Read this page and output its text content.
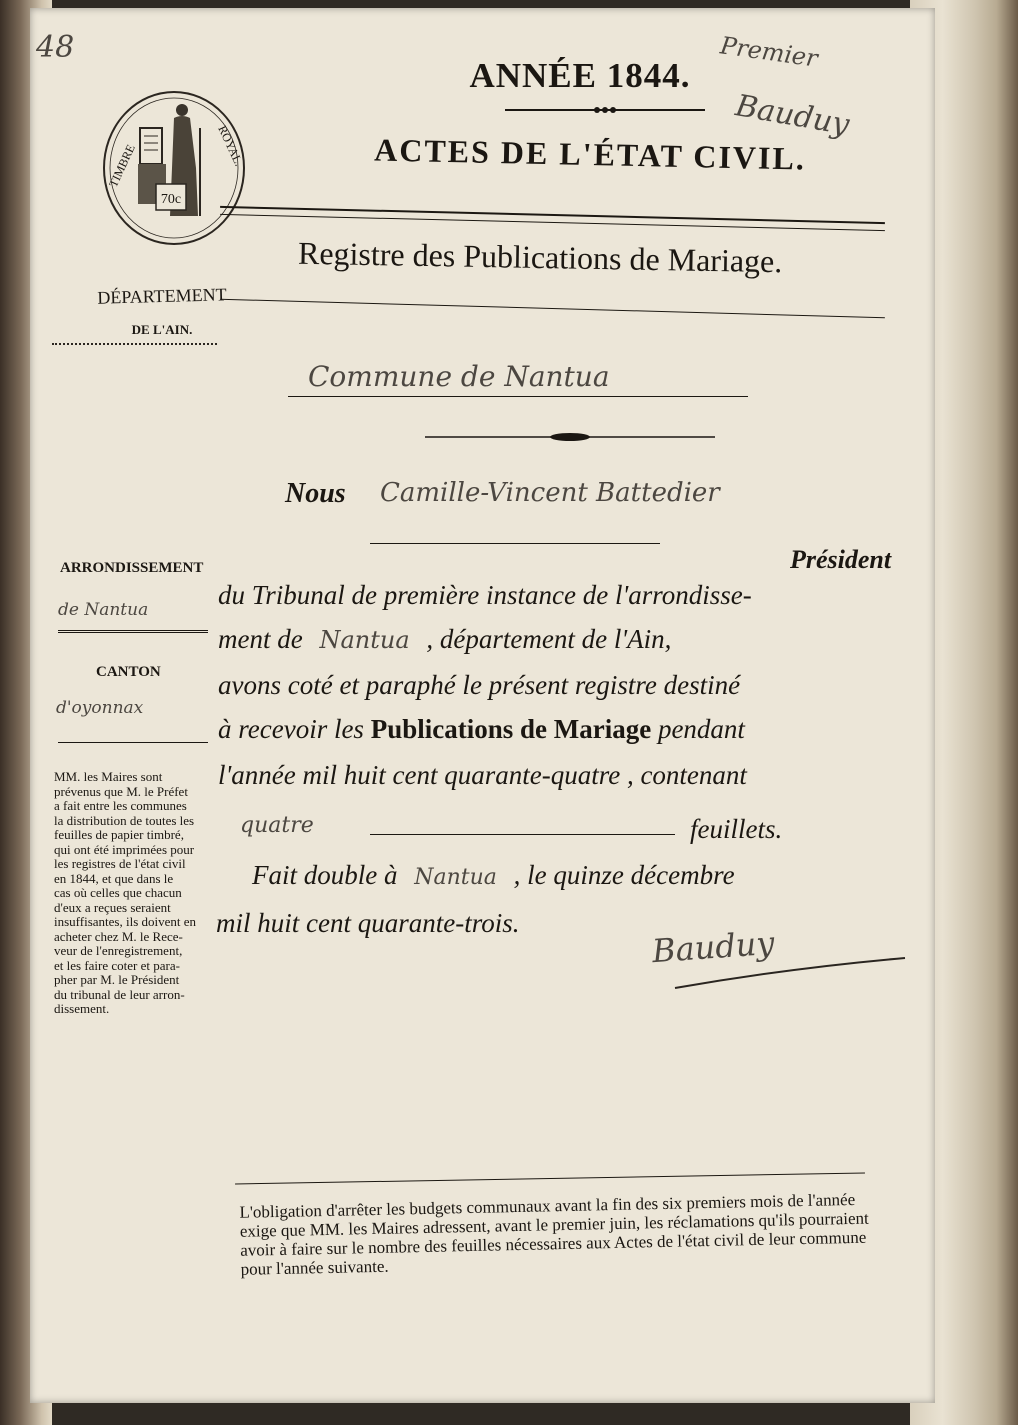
48
70c
TIMBRE	ROYAL.
ANNÉE 1844.
ACTES DE L'ÉTAT CIVIL.
Premier
Bauduy
Registre des Publications de Mariage.
DÉPARTEMENT
DE L'AIN.
ARRONDISSEMENT
de Nantua
CANTON
d'oyonnax
MM. les Maires sont
prévenus que M. le Préfet
a fait entre les communes
la distribution de toutes les
feuilles de papier timbré,
qui ont été imprimées pour
les registres de l'état civil
en 1844, et que dans le
cas où celles que chacun
d'eux a reçues seraient
insuffisantes, ils doivent en
acheter chez M. le Rece-
veur de l'enregistrement,
et les faire coter et para-
pher par M. le Président
du tribunal de leur arron-
dissement.
Commune de Nantua
Nous Camille-Vincent Battedier
Président
du Tribunal de première instance de l'arrondisse-
ment de Nantua , département de l'Ain,
avons coté et paraphé le présent registre destiné
à recevoir les Publications de Mariage pendant
l'année mil huit cent quarante-quatre , contenant
quatre	feuillets.
Fait double à Nantua , le quinze décembre
mil huit cent quarante-trois.
Bauduy
L'obligation d'arrêter les budgets communaux avant la fin des six premiers mois de l'année exige que MM. les Maires adressent, avant le premier juin, les réclamations qu'ils pourraient avoir à faire sur le nombre des feuilles nécessaires aux Actes de l'état civil de leur commune pour l'année suivante.
